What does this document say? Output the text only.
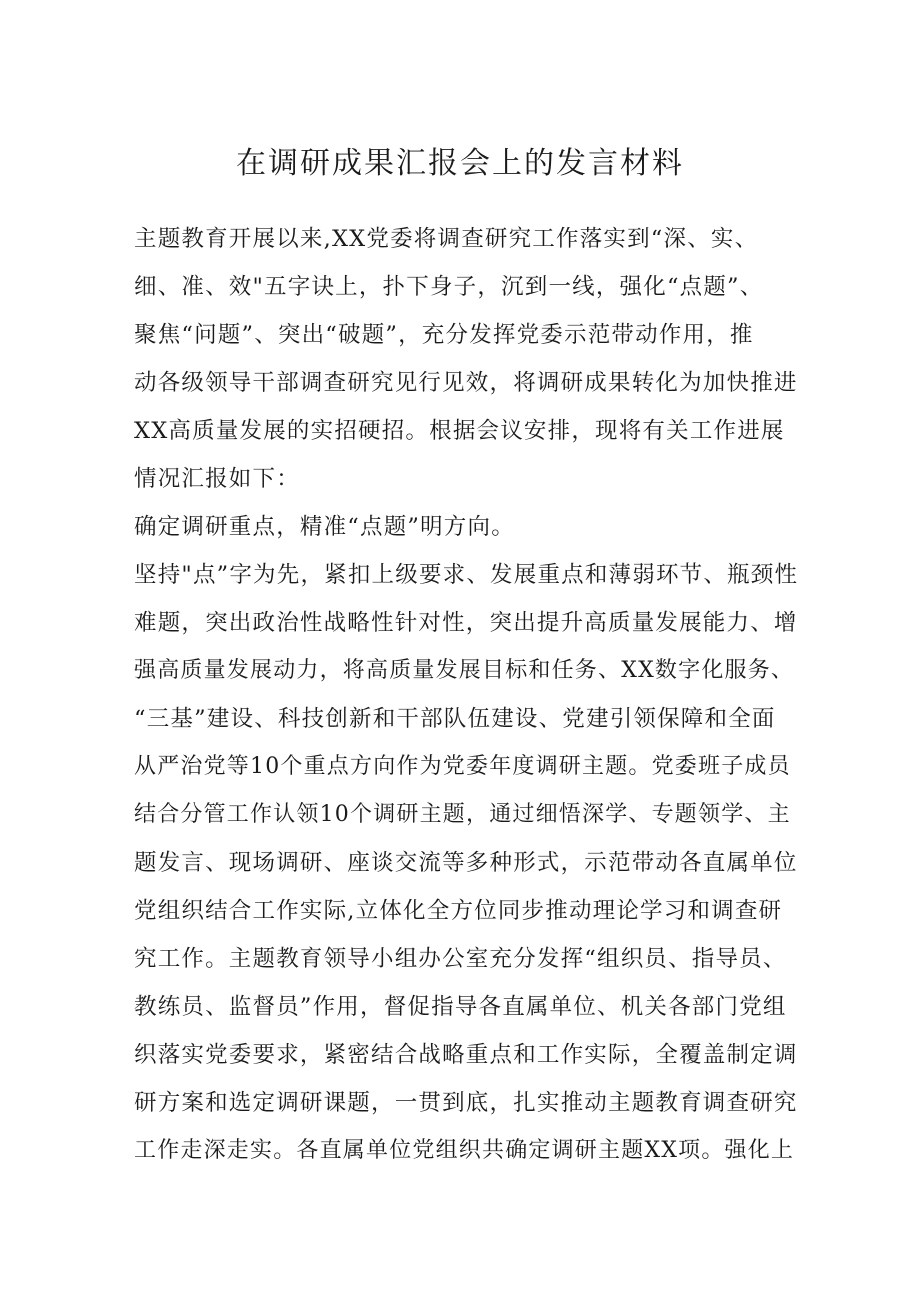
在调研成果汇报会上的发言材料

主题教育开展以来,XX党委将调查研究工作落实到“深、实、

细、准、效"五字诀上，扑下身子，沉到一线，强化“点题”、

聚焦“问题”、突出“破题”，充分发挥党委示范带动作用，推

动各级领导干部调查研究见行见效，将调研成果转化为加快推进

XX高质量发展的实招硬招。根据会议安排，现将有关工作进展

情况汇报如下：

确定调研重点，精准“点题”明方向。

坚持"点”字为先，紧扣上级要求、发展重点和薄弱环节、瓶颈性

难题，突出政治性战略性针对性，突出提升高质量发展能力、增

强高质量发展动力，将高质量发展目标和任务、XX数字化服务、

“三基”建设、科技创新和干部队伍建设、党建引领保障和全面

从严治党等10个重点方向作为党委年度调研主题。党委班子成员

结合分管工作认领10个调研主题，通过细悟深学、专题领学、主

题发言、现场调研、座谈交流等多种形式，示范带动各直属单位

党组织结合工作实际,立体化全方位同步推动理论学习和调查研

究工作。主题教育领导小组办公室充分发挥“组织员、指导员、

教练员、监督员”作用，督促指导各直属单位、机关各部门党组

织落实党委要求，紧密结合战略重点和工作实际，全覆盖制定调

研方案和选定调研课题，一贯到底，扎实推动主题教育调查研究

工作走深走实。各直属单位党组织共确定调研主题XX项。强化上
